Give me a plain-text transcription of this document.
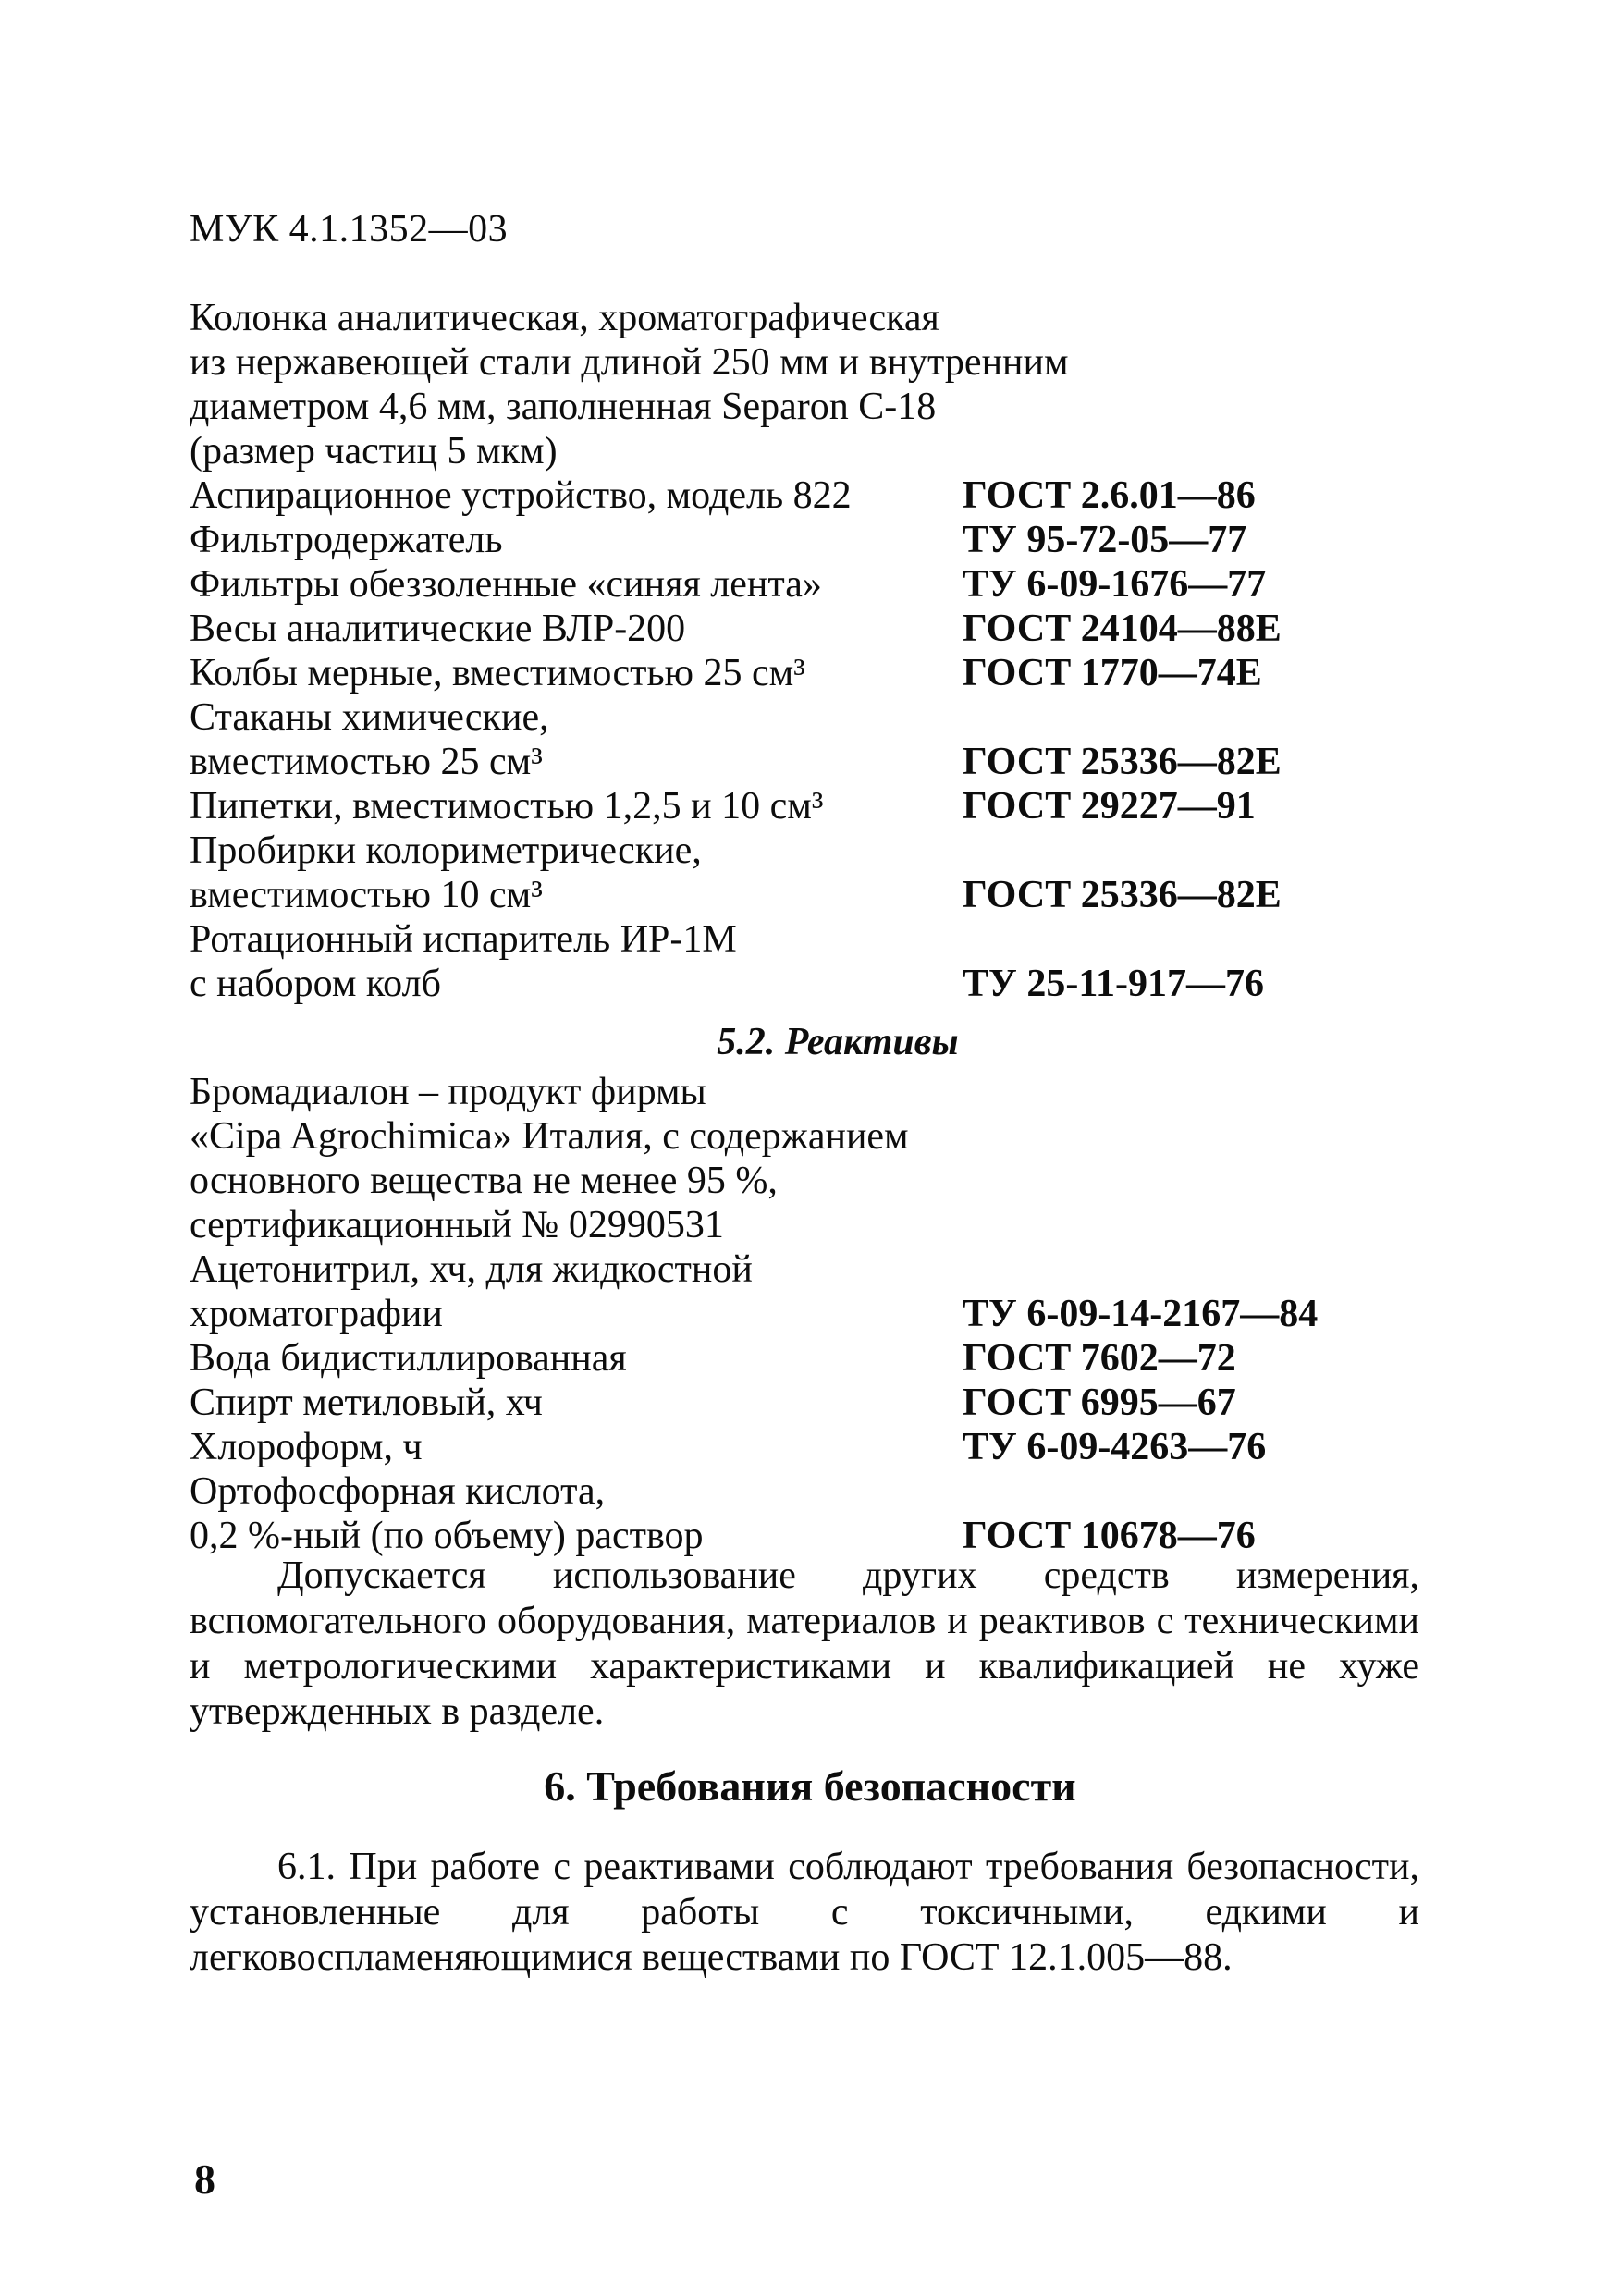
МУК 4.1.1352—03
Колонка аналитическая, хроматографическая
из нержавеющей стали длиной 250 мм и внутренним
диаметром 4,6 мм, заполненная Separon C-18
(размер частиц 5 мкм)
Аспирационное устройство, модель 822	ГОСТ 2.6.01—86
Фильтродержатель	ТУ 95-72-05—77
Фильтры обеззоленные «синяя лента»	ТУ 6-09-1676—77
Весы аналитические ВЛР-200	ГОСТ 24104—88Е
Колбы мерные, вместимостью 25 см³	ГОСТ 1770—74Е
Стаканы химические,
вместимостью 25 см³	ГОСТ 25336—82Е
Пипетки, вместимостью 1,2,5 и 10 см³	ГОСТ 29227—91
Пробирки колориметрические,
вместимостью 10 см³	ГОСТ 25336—82Е
Ротационный испаритель ИР-1М
с набором колб	ТУ 25-11-917—76
5.2. Реактивы
Бромадиалон – продукт фирмы
«Cipa Agrochimica» Италия, с содержанием
основного вещества не менее 95 %,
сертификационный № 02990531
Ацетонитрил, хч, для жидкостной
хроматографии	ТУ 6-09-14-2167—84
Вода бидистиллированная	ГОСТ 7602—72
Спирт метиловый, хч	ГОСТ 6995—67
Хлороформ, ч	ТУ 6-09-4263—76
Ортофосфорная кислота,
0,2 %-ный (по объему) раствор	ГОСТ 10678—76

Допускается использование других средств измерения, вспомогательного оборудования, материалов и реактивов с техническими и метрологическими характеристиками и квалификацией не хуже утвержденных в разделе.

6. Требования безопасности

6.1. При работе с реактивами соблюдают требования безопасности, установленные для работы с токсичными, едкими и легковоспламеняющимися веществами по ГОСТ 12.1.005—88.

8
